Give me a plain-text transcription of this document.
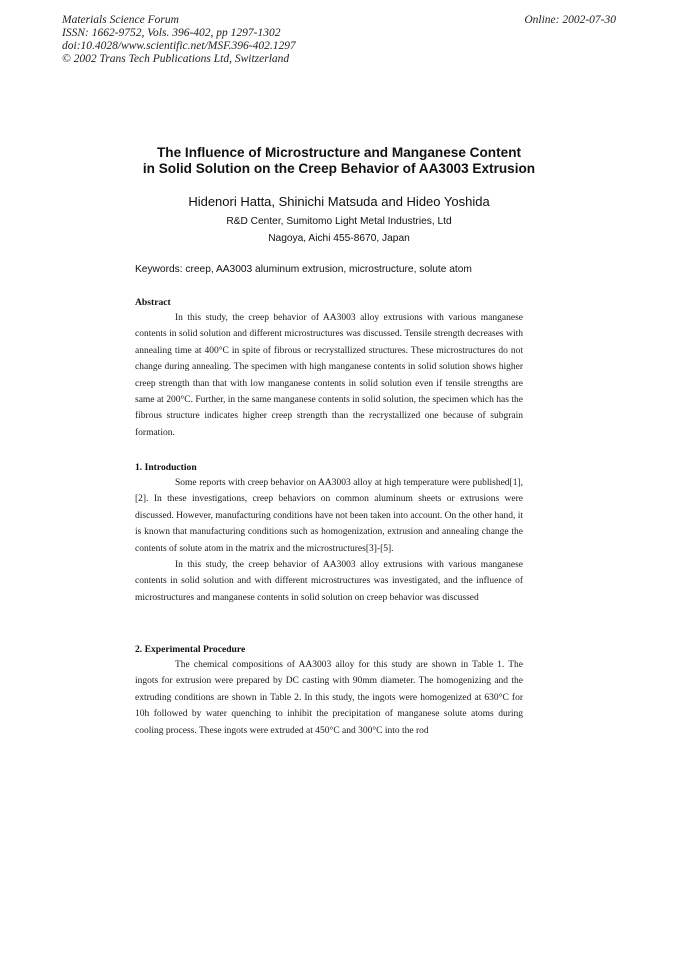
Materials Science Forum
ISSN: 1662-9752, Vols. 396-402, pp 1297-1302
doi:10.4028/www.scientific.net/MSF.396-402.1297
© 2002 Trans Tech Publications Ltd, Switzerland
Online: 2002-07-30
The Influence of Microstructure and Manganese Content
in Solid Solution on the Creep Behavior of AA3003 Extrusion
Hidenori Hatta, Shinichi Matsuda and Hideo Yoshida
R&D Center, Sumitomo Light Metal Industries, Ltd
Nagoya, Aichi 455-8670, Japan
Keywords: creep, AA3003 aluminum extrusion, microstructure, solute atom
Abstract

In this study, the creep behavior of AA3003 alloy extrusions with various manganese contents in solid solution and different microstructures was discussed. Tensile strength decreases with annealing time at 400°C in spite of fibrous or recrystallized structures. These microstructures do not change during annealing. The specimen with high manganese contents in solid solution shows higher creep strength than that with low manganese contents in solid solution even if tensile strengths are same at 200°C. Further, in the same manganese contents in solid solution, the specimen which has the fibrous structure indicates higher creep strength than the recrystallized one because of subgrain formation.

1. Introduction

Some reports with creep behavior on AA3003 alloy at high temperature were published[1],[2]. In these investigations, creep behaviors on common aluminum sheets or extrusions were discussed. However, manufacturing conditions have not been taken into account. On the other hand, it is known that manufacturing conditions such as homogenization, extrusion and annealing change the contents of solute atom in the matrix and the microstructures[3]-[5].

In this study, the creep behavior of AA3003 alloy extrusions with various manganese contents in solid solution and with different microstructures was investigated, and the influence of microstructures and manganese contents in solid solution on creep behavior was discussed

2. Experimental Procedure

The chemical compositions of AA3003 alloy for this study are shown in Table 1. The ingots for extrusion were prepared by DC casting with 90mm diameter. The homogenizing and the extruding conditions are shown in Table 2. In this study, the ingots were homogenized at 630°C for 10h followed by water quenching to inhibit the precipitation of manganese solute atoms during cooling process. These ingots were extruded at 450°C and 300°C into the rod
